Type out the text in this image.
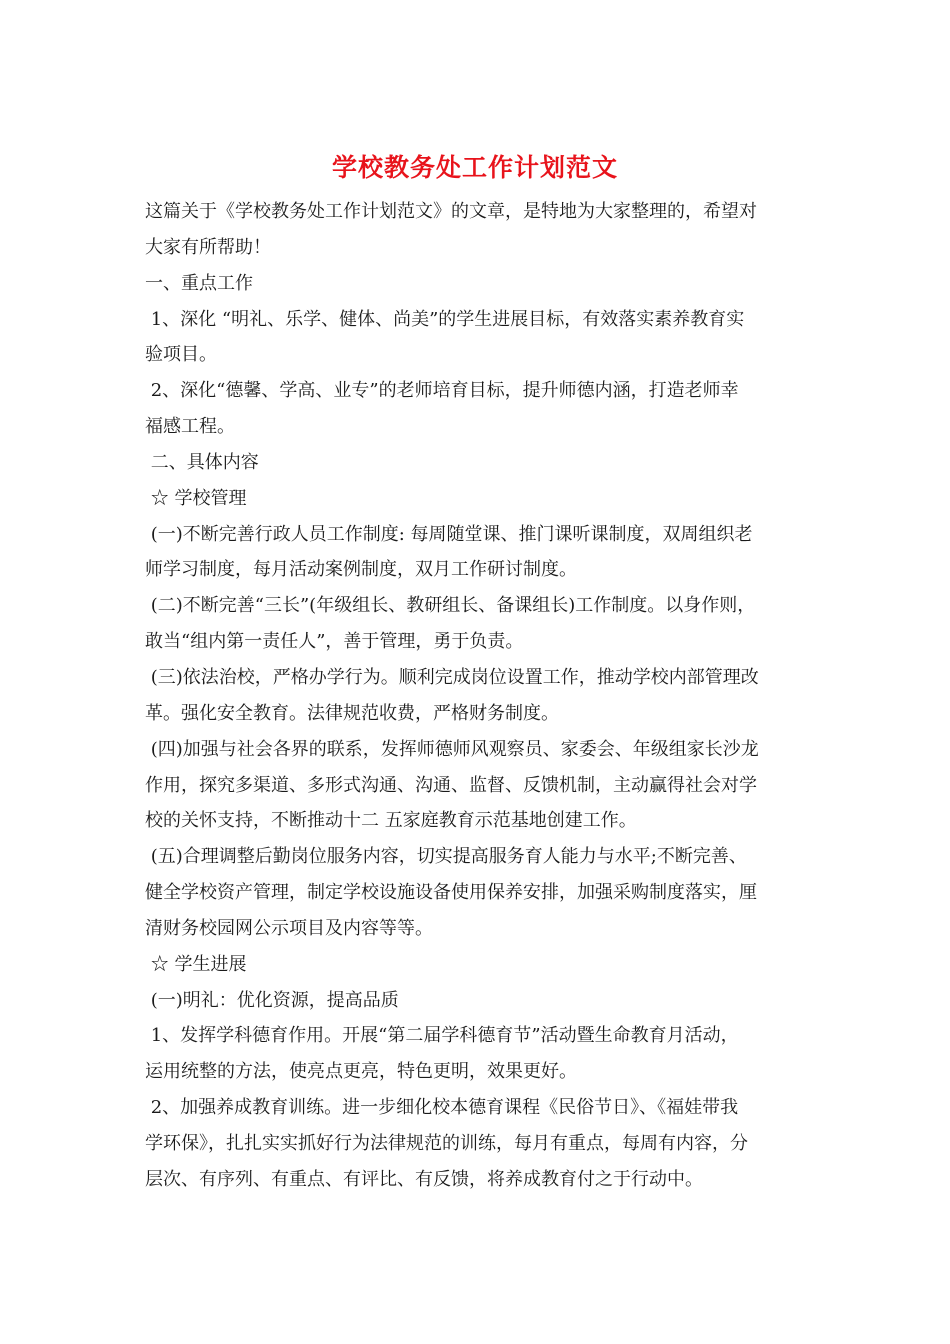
学校教务处工作计划范文
这篇关于《学校教务处工作计划范文》的文章，是特地为大家整理的，希望对
大家有所帮助！
一、重点工作
1、深化 “明礼、乐学、健体、尚美”的学生进展目标，有效落实素养教育实
验项目。
2、深化“德馨、学高、业专”的老师培育目标，提升师德内涵，打造老师幸
福感工程。
二、具体内容
☆ 学校管理
(一)不断完善行政人员工作制度: 每周随堂课、推门课听课制度，双周组织老
师学习制度，每月活动案例制度，双月工作研讨制度。
(二)不断完善“三长”(年级组长、教研组长、备课组长)工作制度。以身作则，
敢当“组内第一责任人”，善于管理，勇于负责。
(三)依法治校，严格办学行为。顺利完成岗位设置工作，推动学校内部管理改
革。强化安全教育。法律规范收费，严格财务制度。
(四)加强与社会各界的联系，发挥师德师风观察员、家委会、年级组家长沙龙
作用，探究多渠道、多形式沟通、沟通、监督、反馈机制，主动赢得社会对学
校的关怀支持，不断推动十二 五家庭教育示范基地创建工作。
(五)合理调整后勤岗位服务内容，切实提高服务育人能力与水平;不断完善、
健全学校资产管理，制定学校设施设备使用保养安排，加强采购制度落实，厘
清财务校园网公示项目及内容等等。
☆ 学生进展
(一)明礼：优化资源，提高品质
1、发挥学科德育作用。开展“第二届学科德育节”活动暨生命教育月活动，
运用统整的方法，使亮点更亮，特色更明，效果更好。
2、加强养成教育训练。进一步细化校本德育课程《民俗节日》、《福娃带我
学环保》，扎扎实实抓好行为法律规范的训练，每月有重点，每周有内容，分
层次、有序列、有重点、有评比、有反馈，将养成教育付之于行动中。
